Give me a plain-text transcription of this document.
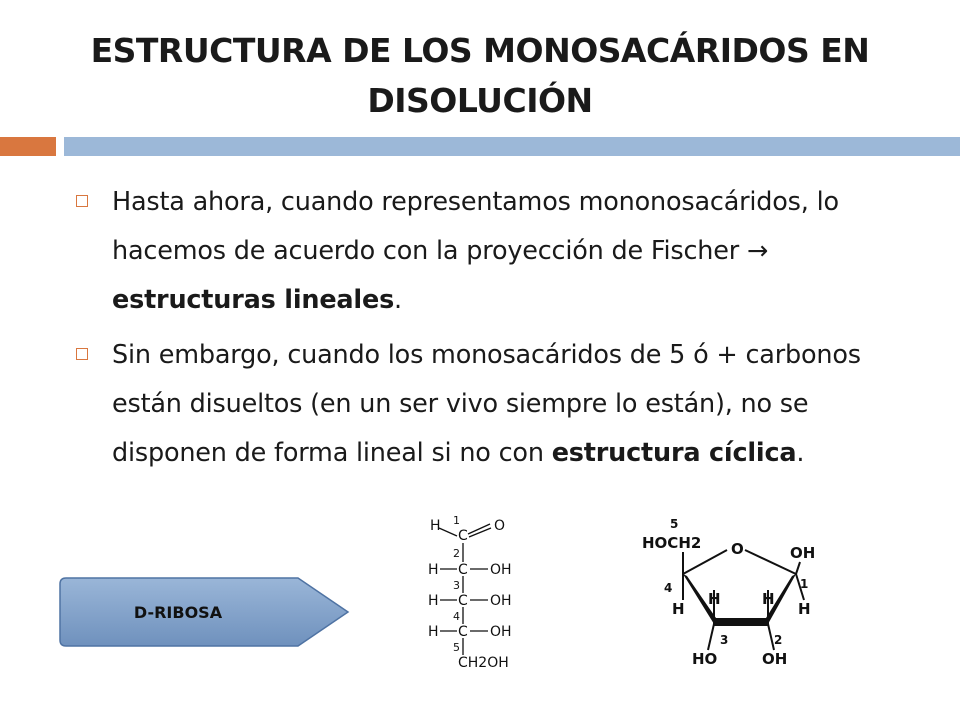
ESTRUCTURA DE LOS MONOSACÁRIDOS EN
DISOLUCIÓN
Hasta ahora, cuando representamos mononosacáridos, lo hacemos de acuerdo con la proyección de Fischer → estructuras lineales.
Sin embargo, cuando los monosacáridos de 5 ó + carbonos están disueltos (en un ser vivo siempre lo están), no se disponen de forma lineal si no con estructura cíclica.
D-RIBOSA
H 1
C
O
2
H C OH
3
H C OH
4
H C OH
5
CH2OH
5
HOCH2 O	OH
4
H
H	H
1
H
3	2
HO	OH
